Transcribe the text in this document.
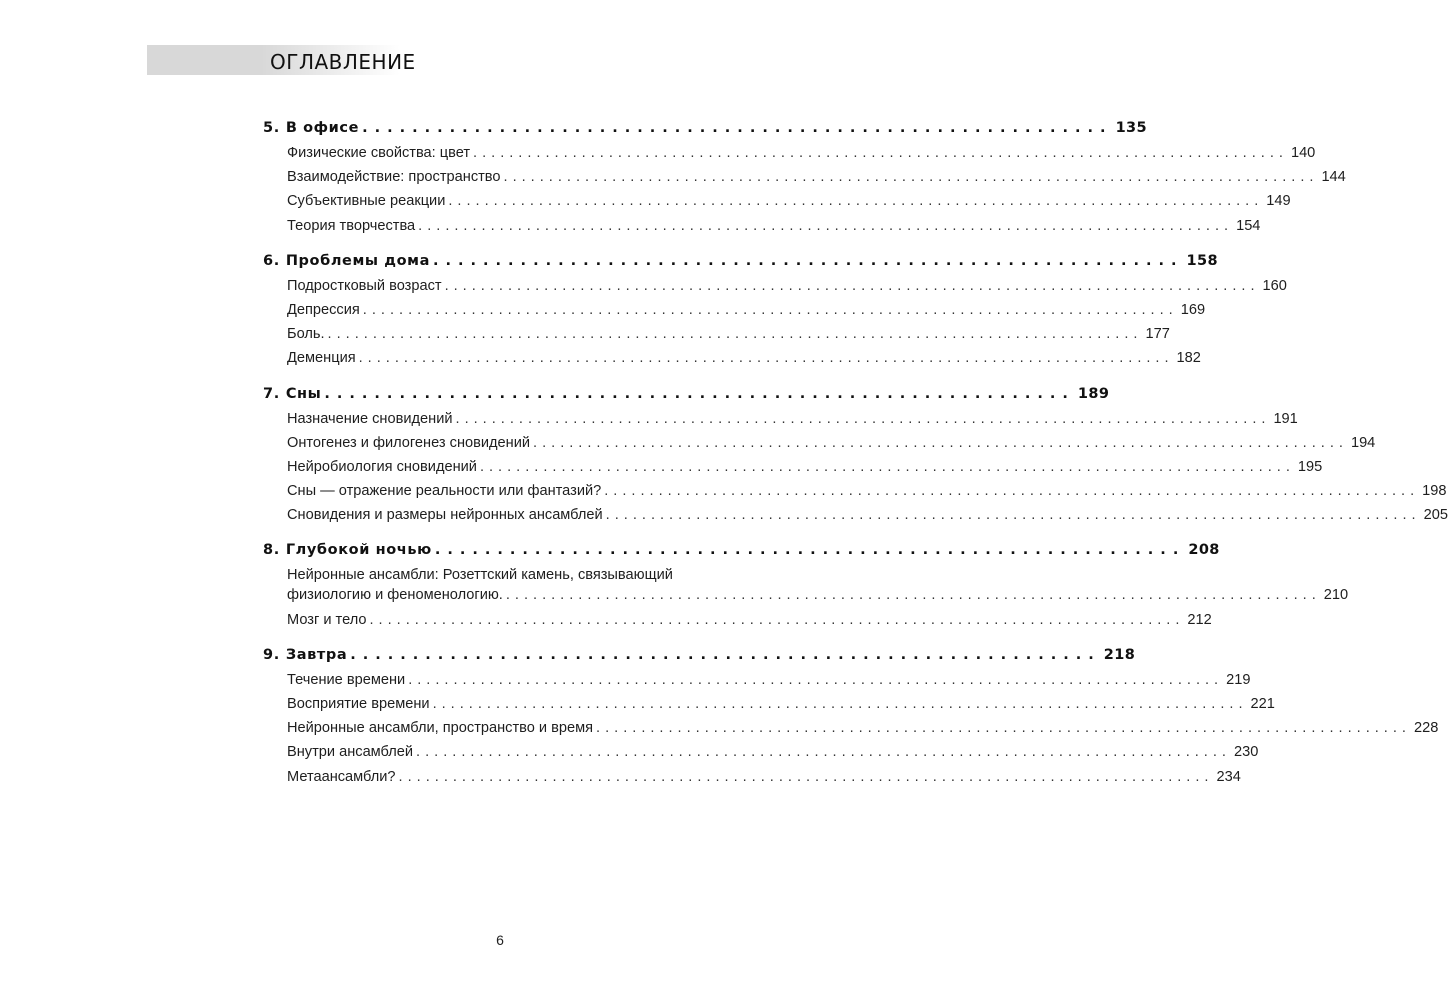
ОГЛАВЛЕНИЕ
5. В офисе ............................................................ 135
Физические свойства: цвет .......................................................................................... 140
Взаимодействие: пространство .......................................................................................... 144
Субъективные реакции .......................................................................................... 149
Теория творчества .......................................................................................... 154
6. Проблемы дома ............................................................ 158
Подростковый возраст .......................................................................................... 160
Депрессия .......................................................................................... 169
Боль. .......................................................................................... 177
Деменция .......................................................................................... 182
7. Сны ............................................................ 189
Назначение сновидений .......................................................................................... 191
Онтогенез и филогенез сновидений .......................................................................................... 194
Нейробиология сновидений .......................................................................................... 195
Сны — отражение реальности или фантазий? .......................................................................................... 198
Сновидения и размеры нейронных ансамблей .......................................................................................... 205
8. Глубокой ночью ............................................................ 208
Нейронные ансамбли: Розеттский камень, связывающий
физиологию и феноменологию. .......................................................................................... 210
Мозг и тело .......................................................................................... 212
9. Завтра ............................................................ 218
Течение времени .......................................................................................... 219
Восприятие времени .......................................................................................... 221
Нейронные ансамбли, пространство и время .......................................................................................... 228
Внутри ансамблей .......................................................................................... 230
Метаансамбли? .......................................................................................... 234
6
